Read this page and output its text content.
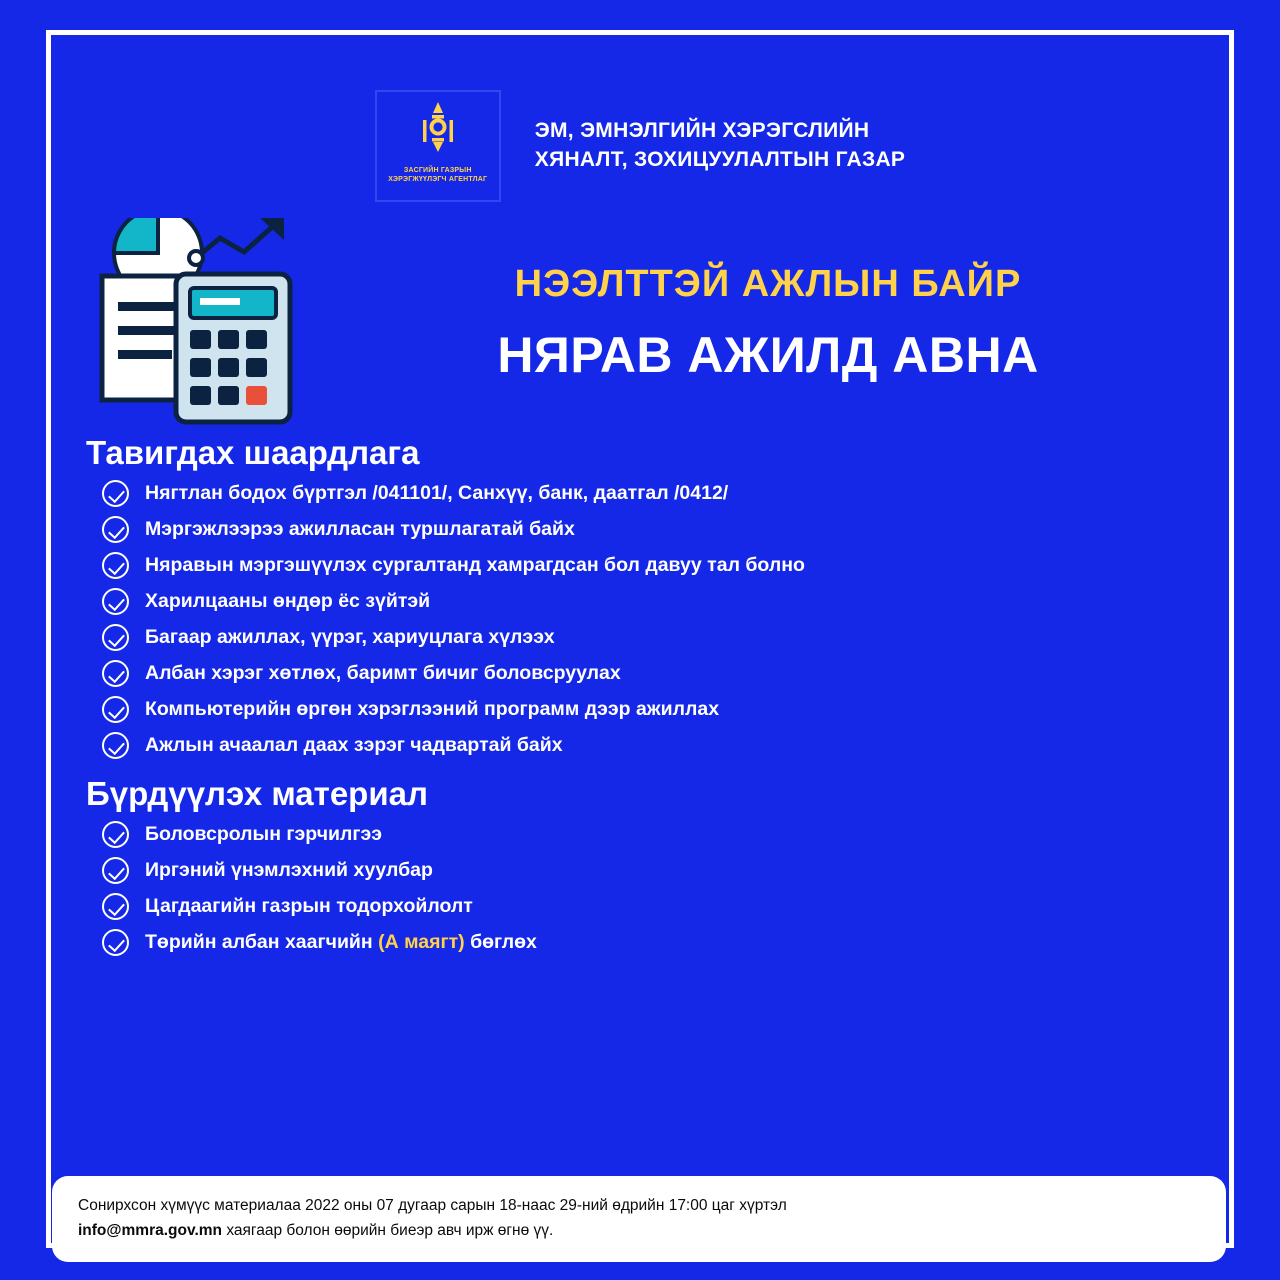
ЗАСГИЙН ГАЗРЫН
ХЭРЭГЖҮҮЛЭГЧ АГЕНТЛАГ
ЭМ, ЭМНЭЛГИЙН ХЭРЭГСЛИЙН
ХЯНАЛТ, ЗОХИЦУУЛАЛТЫН ГАЗАР
НЭЭЛТТЭЙ АЖЛЫН БАЙР
НЯРАВ АЖИЛД АВНА
Тавигдах шаардлага
Нягтлан бодох бүртгэл /041101/, Санхүү, банк, даатгал /0412/
Мэргэжлээрээ ажилласан туршлагатай байх
Няравын мэргэшүүлэх сургалтанд хамрагдсан бол давуу тал болно
Харилцааны өндөр ёс зүйтэй
Багаар ажиллах, үүрэг, хариуцлага хүлээх
Албан хэрэг хөтлөх, баримт бичиг боловсруулах
Компьютерийн өргөн хэрэглээний программ дээр ажиллах
Ажлын ачаалал даах зэрэг чадвартай байх
Бүрдүүлэх материал
Боловсролын гэрчилгээ
Иргэний үнэмлэхний хуулбар
Цагдаагийн газрын тодорхойлолт
Төрийн албан хаагчийн (А маягт) бөглөх
Сонирхсон хүмүүс материалаа 2022 оны 07 дугаар сарын 18-наас 29-ний өдрийн 17:00 цаг хүртэл
info@mmra.gov.mn хаягаар болон өөрийн биеэр авч ирж өгнө үү.
